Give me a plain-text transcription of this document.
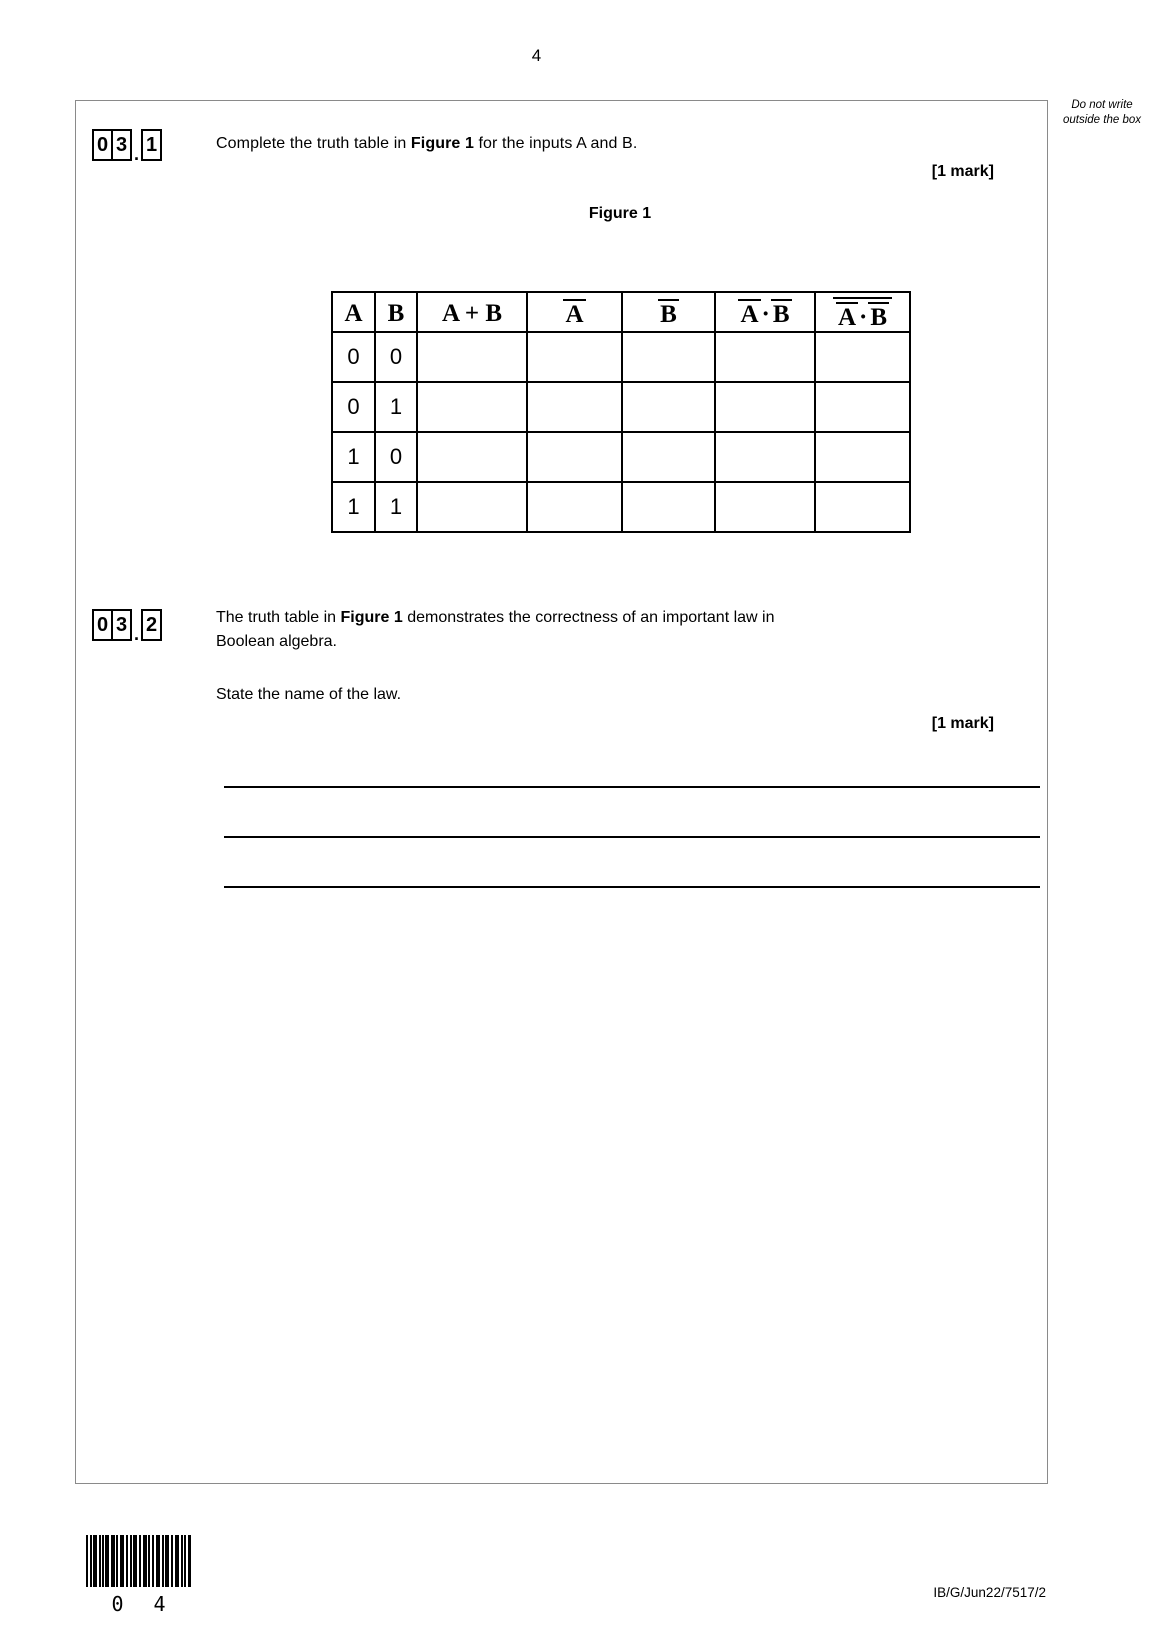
4
Do not write outside the box
0 3 . 1	Complete the truth table in Figure 1 for the inputs A and B.
[1 mark]
Figure 1
A	B	A + B	A	B	A · B	A · B
0	0					
0	1					
1	0					
1	1					
0 3 . 2	The truth table in Figure 1 demonstrates the correctness of an important law in
Boolean algebra.
State the name of the law.
[1 mark]
0 4	IB/G/Jun22/7517/2
